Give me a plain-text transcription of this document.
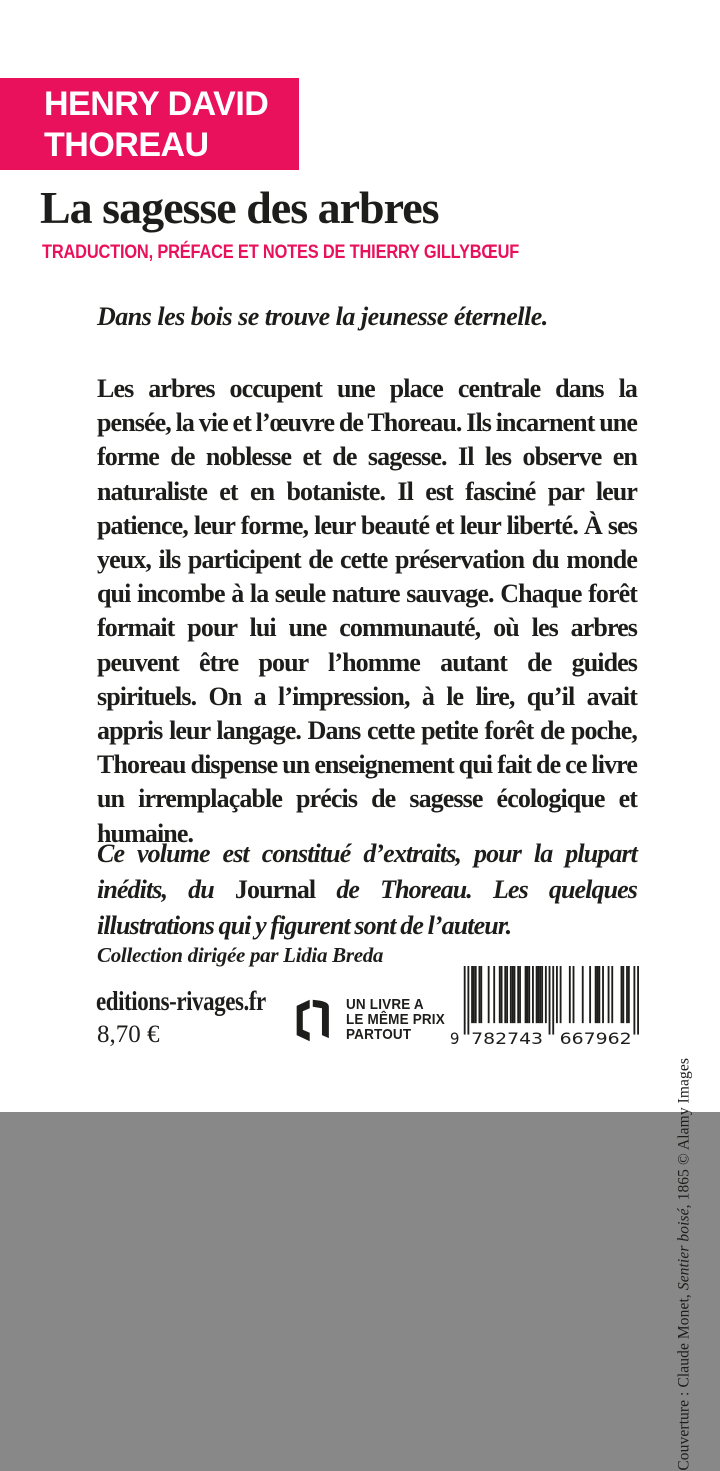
HENRY DAVID
THOREAU
La sagesse des arbres
TRADUCTION, PRÉFACE ET NOTES DE THIERRY GILLYBŒUF
Dans les bois se trouve la jeunesse éternelle.
Les arbres occupent une place centrale dans la pensée, la vie et l’œuvre de Thoreau. Ils incarnent une forme de noblesse et de sagesse. Il les observe en naturaliste et en botaniste. Il est fasciné par leur patience, leur forme, leur beauté et leur liberté. À ses yeux, ils participent de cette préservation du monde qui incombe à la seule nature sauvage. Chaque forêt formait pour lui une communauté, où les arbres peuvent être pour l’homme autant de guides spirituels. On a l’impression, à le lire, qu’il avait appris leur langage. Dans cette petite forêt de poche, Thoreau dispense un enseignement qui fait de ce livre un irremplaçable précis de sagesse écologique et humaine.
Ce volume est constitué d’extraits, pour la plupart inédits, du Journal de Thoreau. Les quelques illustrations qui y figurent sont de l’auteur.
Collection dirigée par Lidia Breda
editions-rivages.fr
8,70 €
UN LIVRE A
LE MÊME PRIX
PARTOUT	9 782743 667962
Couverture : Claude Monet, Sentier boisé, 1865 © Alamy Images
